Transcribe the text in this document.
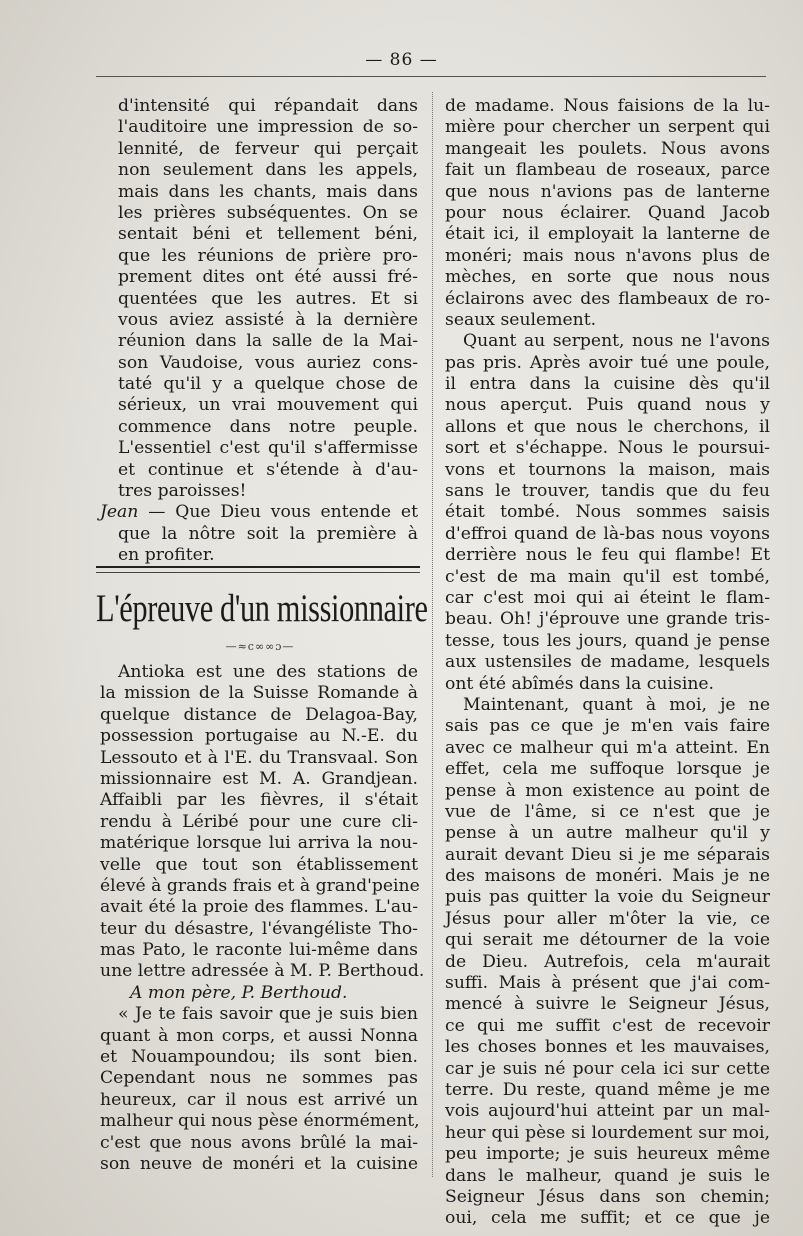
— 86 —
d'intensité qui répandait dans
l'auditoire une impression de so-
lennité, de ferveur qui perçait
non seulement dans les appels,
mais dans les chants, mais dans
les prières subséquentes. On se
sentait béni et tellement béni,
que les réunions de prière pro-
prement dites ont été aussi fré-
quentées que les autres. Et si
vous aviez assisté à la dernière
réunion dans la salle de la Mai-
son Vaudoise, vous auriez cons-
taté qu'il y a quelque chose de
sérieux, un vrai mouvement qui
commence dans notre peuple.
L'essentiel c'est qu'il s'affermisse
et continue et s'étende à d'au-
tres paroisses!
Jean — Que Dieu vous entende et
que la nôtre soit la première à
en profiter.
L'épreuve d'un missionnaire
—≈c∞∞ɔ—
Antioka est une des stations de
la mission de la Suisse Romande à
quelque distance de Delagoa-Bay,
possession portugaise au N.-E. du
Lessouto et à l'E. du Transvaal. Son
missionnaire est M. A. Grandjean.
Affaibli par les fièvres, il s'était
rendu à Léribé pour une cure cli-
matérique lorsque lui arriva la nou-
velle que tout son établissement
élevé à grands frais et à grand'peine
avait été la proie des flammes. L'au-
teur du désastre, l'évangéliste Tho-
mas Pato, le raconte lui-même dans
une lettre adressée à M. P. Berthoud.
A mon père, P. Berthoud.
« Je te fais savoir que je suis bien
quant à mon corps, et aussi Nonna
et Nouampoundou; ils sont bien.
Cependant nous ne sommes pas
heureux, car il nous est arrivé un
malheur qui nous pèse énormément,
c'est que nous avons brûlé la mai-
son neuve de monéri et la cuisine
de madame. Nous faisions de la lu-
mière pour chercher un serpent qui
mangeait les poulets. Nous avons
fait un flambeau de roseaux, parce
que nous n'avions pas de lanterne
pour nous éclairer. Quand Jacob
était ici, il employait la lanterne de
monéri; mais nous n'avons plus de
mèches, en sorte que nous nous
éclairons avec des flambeaux de ro-
seaux seulement.
Quant au serpent, nous ne l'avons
pas pris. Après avoir tué une poule,
il entra dans la cuisine dès qu'il
nous aperçut. Puis quand nous y
allons et que nous le cherchons, il
sort et s'échappe. Nous le poursui-
vons et tournons la maison, mais
sans le trouver, tandis que du feu
était tombé. Nous sommes saisis
d'effroi quand de là-bas nous voyons
derrière nous le feu qui flambe! Et
c'est de ma main qu'il est tombé,
car c'est moi qui ai éteint le flam-
beau. Oh! j'éprouve une grande tris-
tesse, tous les jours, quand je pense
aux ustensiles de madame, lesquels
ont été abîmés dans la cuisine.
Maintenant, quant à moi, je ne
sais pas ce que je m'en vais faire
avec ce malheur qui m'a atteint. En
effet, cela me suffoque lorsque je
pense à mon existence au point de
vue de l'âme, si ce n'est que je
pense à un autre malheur qu'il y
aurait devant Dieu si je me séparais
des maisons de monéri. Mais je ne
puis pas quitter la voie du Seigneur
Jésus pour aller m'ôter la vie, ce
qui serait me détourner de la voie
de Dieu. Autrefois, cela m'aurait
suffi. Mais à présent que j'ai com-
mencé à suivre le Seigneur Jésus,
ce qui me suffit c'est de recevoir
les choses bonnes et les mauvaises,
car je suis né pour cela ici sur cette
terre. Du reste, quand même je me
vois aujourd'hui atteint par un mal-
heur qui pèse si lourdement sur moi,
peu importe; je suis heureux même
dans le malheur, quand je suis le
Seigneur Jésus dans son chemin;
oui, cela me suffit; et ce que je
